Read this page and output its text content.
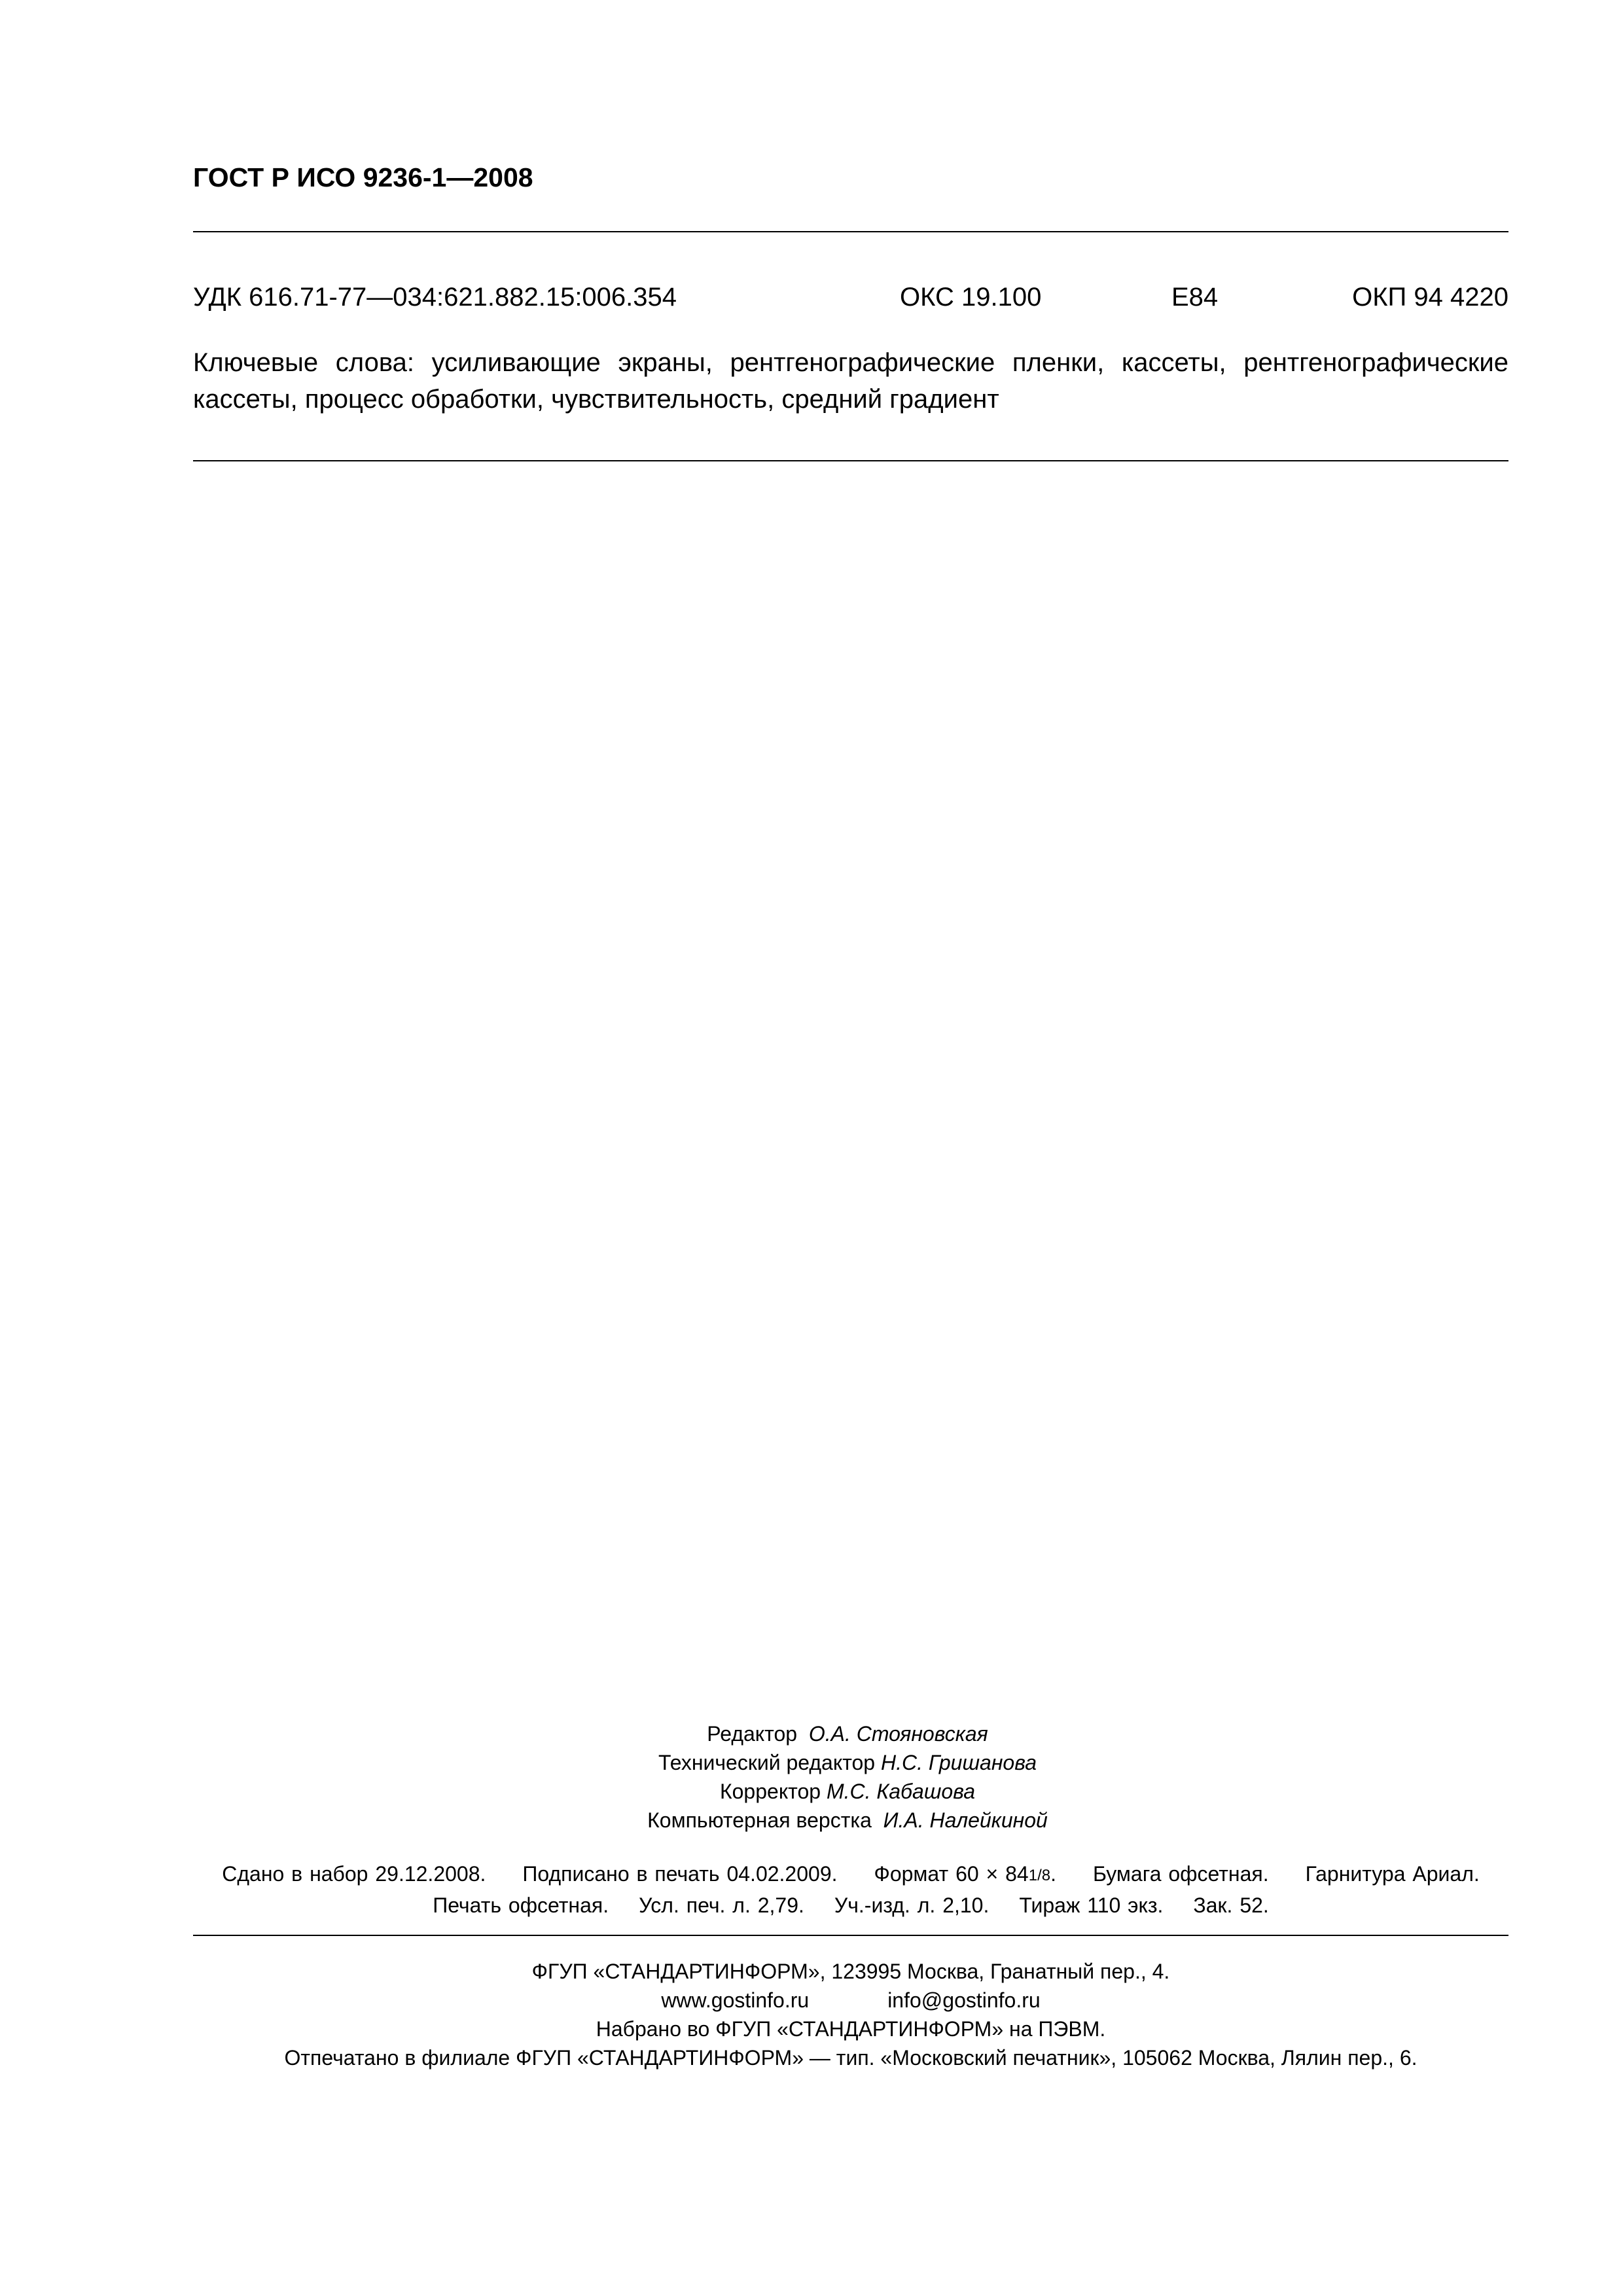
ГОСТ Р ИСО 9236-1—2008
УДК 616.71-77—034:621.882.15:006.354	ОКС 19.100	Е84	ОКП 94 4220
Ключевые слова: усиливающие экраны, рентгенографические пленки, кассеты, рентгенографические кассеты, процесс обработки, чувствительность, средний градиент
Редактор О.А. Стояновская
Технический редактор Н.С. Гришанова
Корректор М.С. Кабашова
Компьютерная верстка И.А. Налейкиной
Сдано в набор 29.12.2008. Подписано в печать 04.02.2009. Формат 60 × 841/8. Бумага офсетная. Гарнитура Ариал.
Печать офсетная. Усл. печ. л. 2,79. Уч.-изд. л. 2,10. Тираж 110 экз. Зак. 52.
ФГУП «СТАНДАРТИНФОРМ», 123995 Москва, Гранатный пер., 4.
www.gostinfo.ru	info@gostinfo.ru
Набрано во ФГУП «СТАНДАРТИНФОРМ» на ПЭВМ.
Отпечатано в филиале ФГУП «СТАНДАРТИНФОРМ» — тип. «Московский печатник», 105062 Москва, Лялин пер., 6.
